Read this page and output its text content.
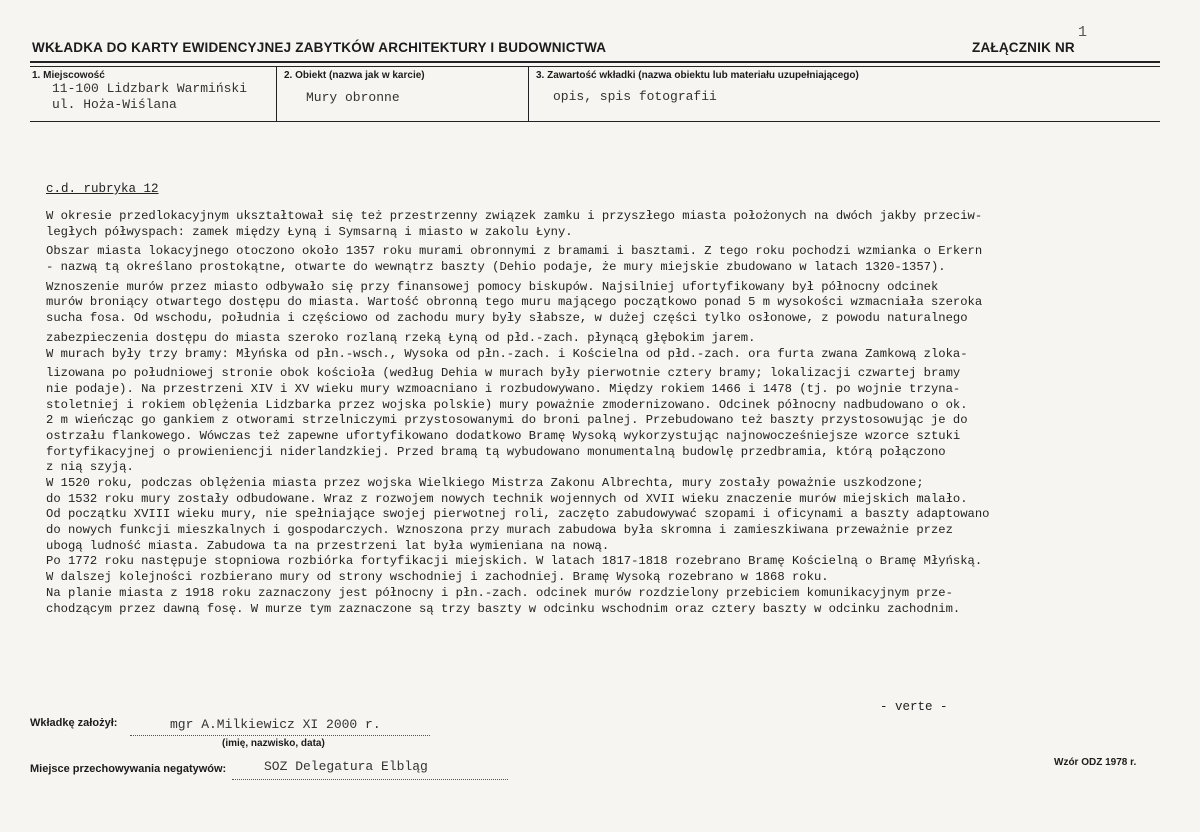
WKŁADKA DO KARTY EWIDENCYJNEJ ZABYTKÓW ARCHITEKTURY I BUDOWNICTWA	ZAŁĄCZNIK NR
1
1. Miejscowość
11-100 Lidzbark Warmiński
ul. Hoża-Wiślana
2. Obiekt (nazwa jak w karcie)
Mury obronne
3. Zawartość wkładki (nazwa obiektu lub materiału uzupełniającego)
opis, spis fotografii
c.d. rubryka 12
W okresie przedlokacyjnym ukształtował się też przestrzenny związek zamku i przyszłego miasta położonych na dwóch jakby przeciw-
ległych półwyspach: zamek między Łyną i Symsarną i miasto w zakolu Łyny.
Obszar miasta lokacyjnego otoczono około 1357 roku murami obronnymi z bramami i basztami. Z tego roku pochodzi wzmianka o Erkern
- nazwą tą określano prostokątne, otwarte do wewnątrz baszty (Dehio podaje, że mury miejskie zbudowano w latach 1320-1357).
Wznoszenie murów przez miasto odbywało się przy finansowej pomocy biskupów. Najsilniej ufortyfikowany był północny odcinek
murów broniący otwartego dostępu do miasta. Wartość obronną tego muru mającego początkowo ponad 5 m wysokości wzmacniała szeroka
sucha fosa. Od wschodu, południa i częściowo od zachodu mury były słabsze, w dużej części tylko osłonowe, z powodu naturalnego
zabezpieczenia dostępu do miasta szeroko rozlaną rzeką Łyną od płd.-zach. płynącą głębokim jarem.
W murach były trzy bramy: Młyńska od płn.-wsch., Wysoka od płn.-zach. i Kościelna od płd.-zach. ora furta zwana Zamkową zloka-
lizowana po południowej stronie obok kościoła (według Dehia w murach były pierwotnie cztery bramy; lokalizacji czwartej bramy
nie podaje). Na przestrzeni XIV i XV wieku mury wzmoacniano i rozbudowywano. Między rokiem 1466 i 1478 (tj. po wojnie trzyna-
stoletniej i rokiem oblężenia Lidzbarka przez wojska polskie) mury poważnie zmodernizowano. Odcinek północny nadbudowano o ok.
2 m wieńcząc go gankiem z otworami strzelniczymi przystosowanymi do broni palnej. Przebudowano też baszty przystosowując je do
ostrzału flankowego. Wówczas też zapewne ufortyfikowano dodatkowo Bramę Wysoką wykorzystując najnowocześniejsze wzorce sztuki
fortyfikacyjnej o prowieniencji niderlandzkiej. Przed bramą tą wybudowano monumentalną budowlę przedbramia, którą połączono
z nią szyją.
W 1520 roku, podczas oblężenia miasta przez wojska Wielkiego Mistrza Zakonu Albrechta, mury zostały poważnie uszkodzone;
do 1532 roku mury zostały odbudowane. Wraz z rozwojem nowych technik wojennych od XVII wieku znaczenie murów miejskich malało.
Od początku XVIII wieku mury, nie spełniające swojej pierwotnej roli, zaczęto zabudowywać szopami i oficynami a baszty adaptowano
do nowych funkcji mieszkalnych i gospodarczych. Wznoszona przy murach zabudowa była skromna i zamieszkiwana przeważnie przez
ubogą ludność miasta. Zabudowa ta na przestrzeni lat była wymieniana na nową.
Po 1772 roku następuje stopniowa rozbiórka fortyfikacji miejskich. W latach 1817-1818 rozebrano Bramę Kościelną o Bramę Młyńską.
W dalszej kolejności rozbierano mury od strony wschodniej i zachodniej. Bramę Wysoką rozebrano w 1868 roku.
Na planie miasta z 1918 roku zaznaczony jest północny i płn.-zach. odcinek murów rozdzielony przebiciem komunikacyjnym prze-
chodzącym przez dawną fosę. W murze tym zaznaczone są trzy baszty w odcinku wschodnim oraz cztery baszty w odcinku zachodnim.
- verte -
Wkładkę założył:	mgr A.Milkiewicz XI 2000 r.
(imię, nazwisko, data)
Miejsce przechowywania negatywów:	SOZ Delegatura Elbląg	Wzór ODZ 1978 r.
